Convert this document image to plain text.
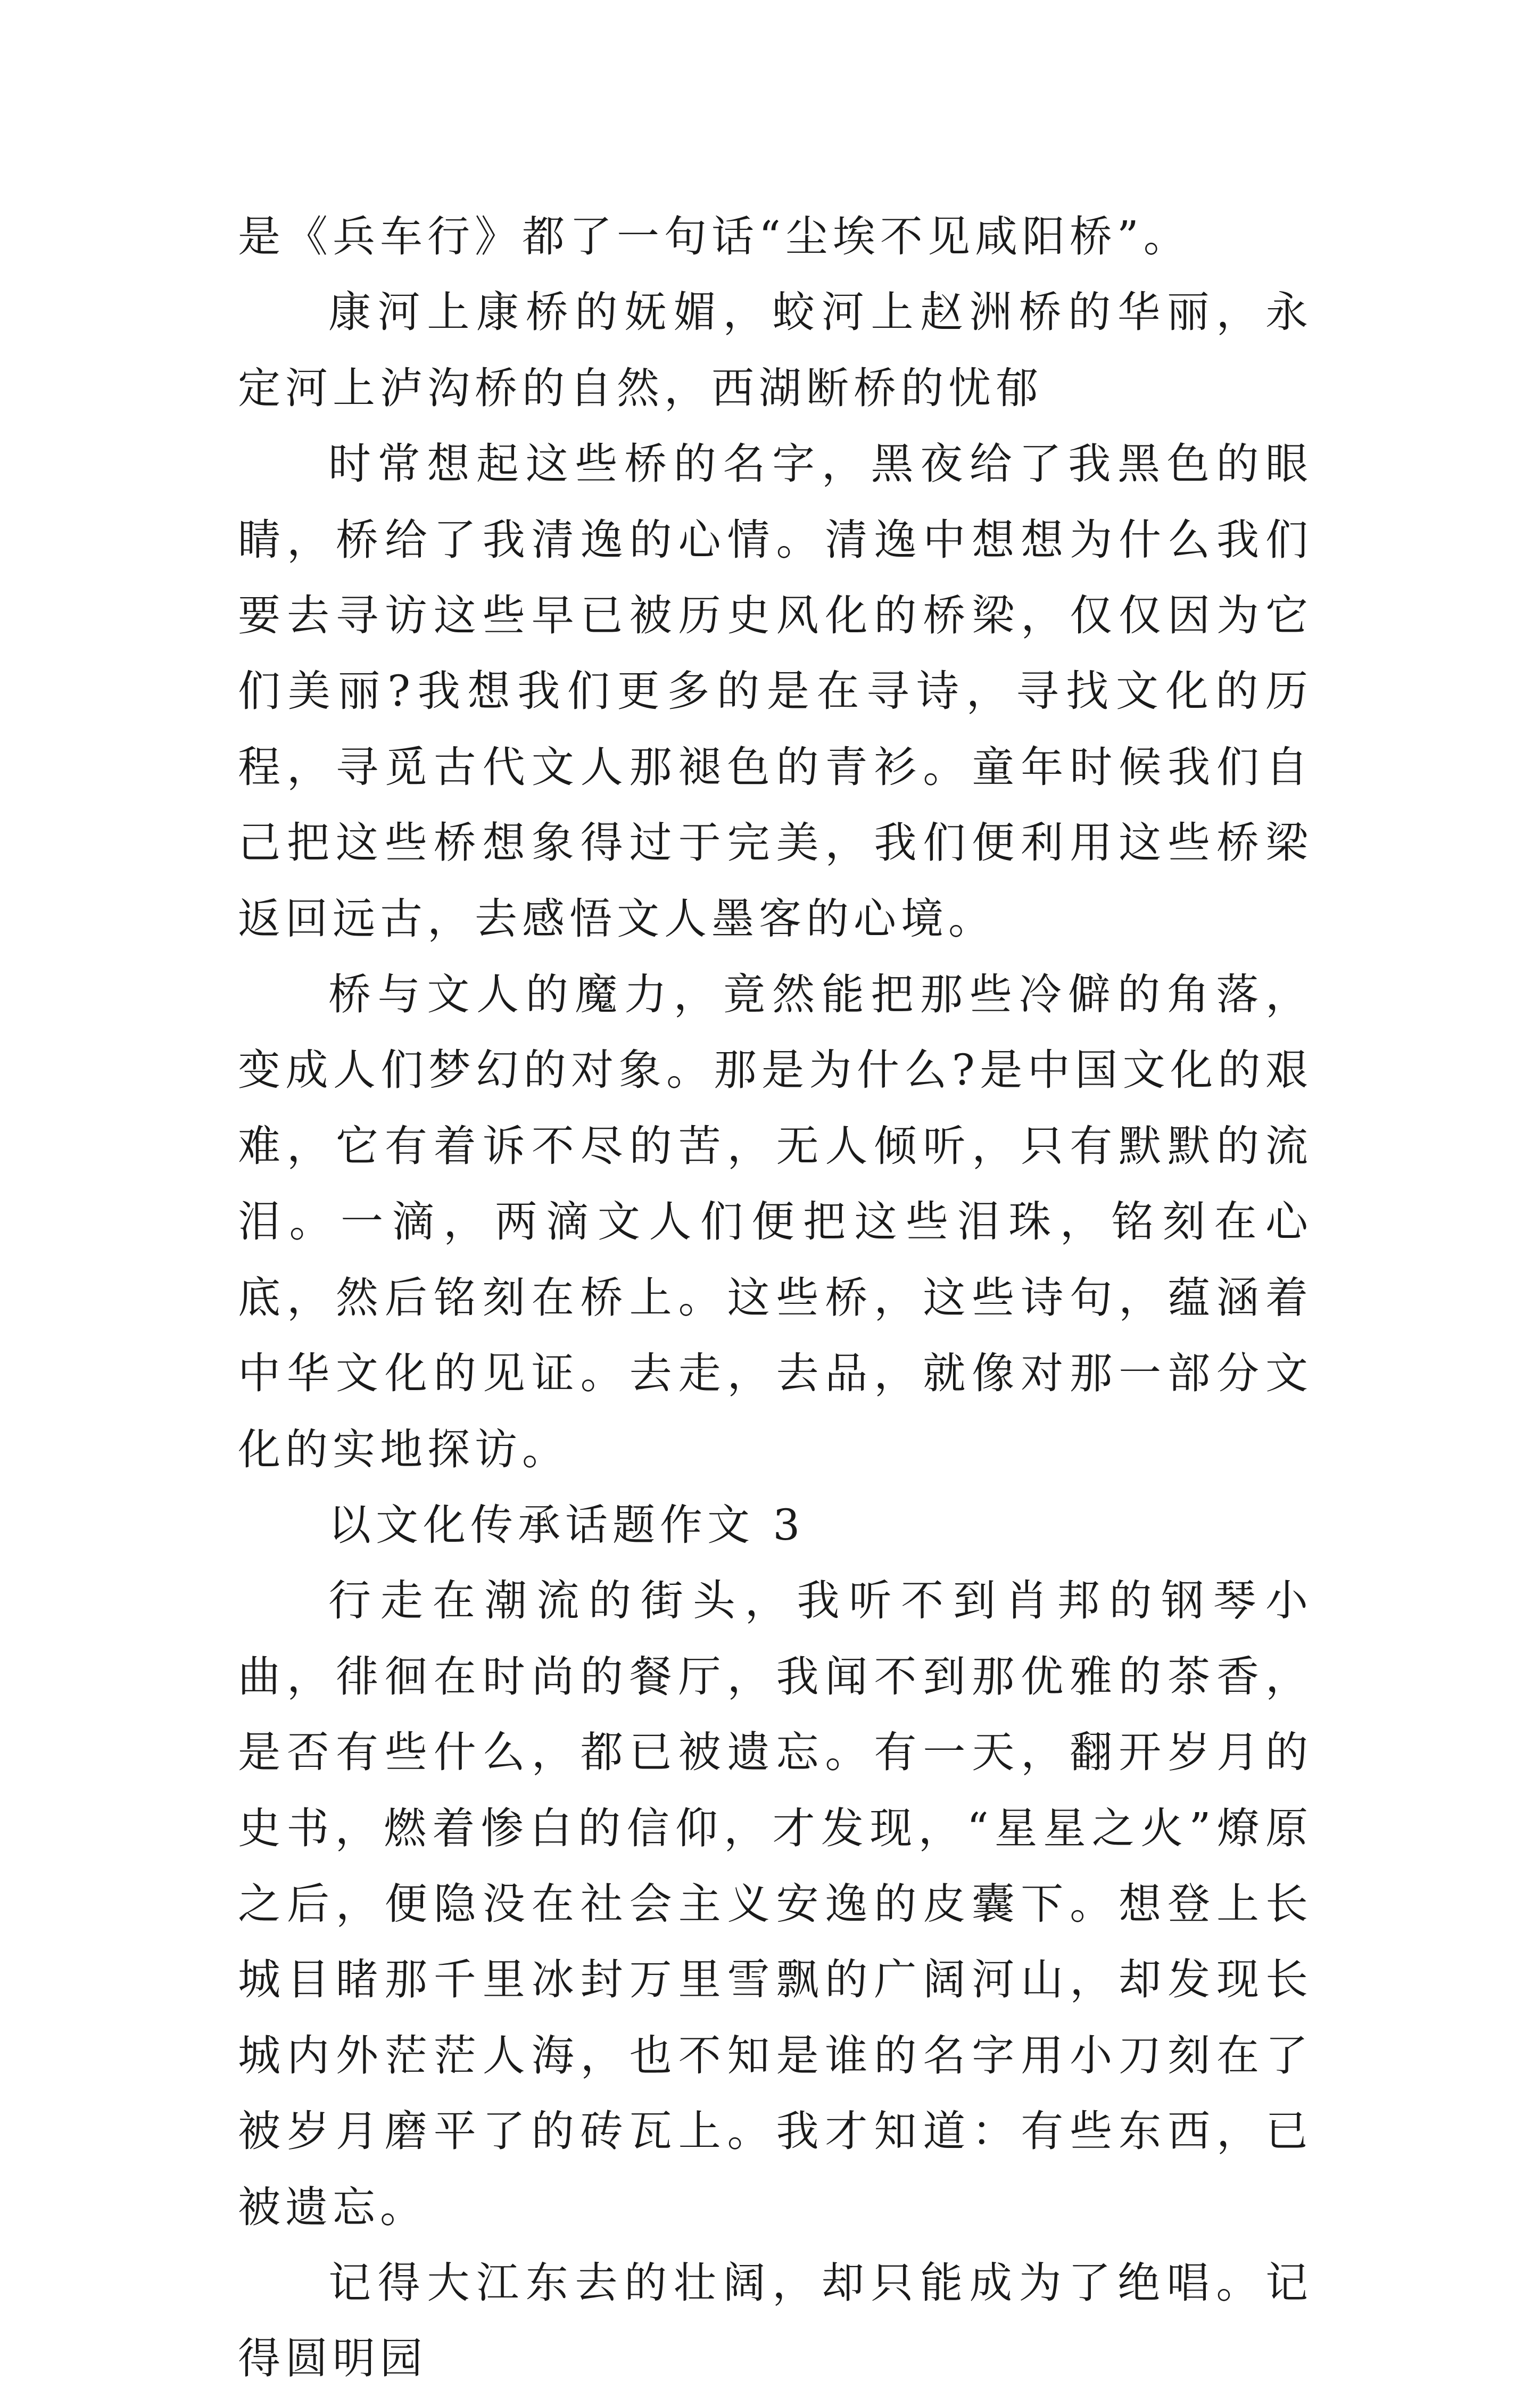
是《兵车行》都了一句话“尘埃不见咸阳桥”。

康河上康桥的妩媚，蛟河上赵洲桥的华丽，永定河上泸沟桥的自然，西湖断桥的忧郁

时常想起这些桥的名字，黑夜给了我黑色的眼睛，桥给了我清逸的心情。清逸中想想为什么我们要去寻访这些早已被历史风化的桥梁，仅仅因为它们美丽?我想我们更多的是在寻诗，寻找文化的历程，寻觅古代文人那褪色的青衫。童年时候我们自己把这些桥想象得过于完美，我们便利用这些桥梁返回远古，去感悟文人墨客的心境。

桥与文人的魔力，竟然能把那些冷僻的角落，变成人们梦幻的对象。那是为什么?是中国文化的艰难，它有着诉不尽的苦，无人倾听，只有默默的流泪。一滴，两滴文人们便把这些泪珠，铭刻在心底，然后铭刻在桥上。这些桥，这些诗句，蕴涵着中华文化的见证。去走，去品，就像对那一部分文化的实地探访。

以文化传承话题作文 3

行走在潮流的街头，我听不到肖邦的钢琴小曲，徘徊在时尚的餐厅，我闻不到那优雅的茶香，是否有些什么，都已被遗忘。有一天，翻开岁月的史书，燃着惨白的信仰，才发现，“星星之火”燎原之后，便隐没在社会主义安逸的皮囊下。想登上长城目睹那千里冰封万里雪飘的广阔河山，却发现长城内外茫茫人海，也不知是谁的名字用小刀刻在了被岁月磨平了的砖瓦上。我才知道：有些东西，已被遗忘。

记得大江东去的壮阔，却只能成为了绝唱。记得圆明园
